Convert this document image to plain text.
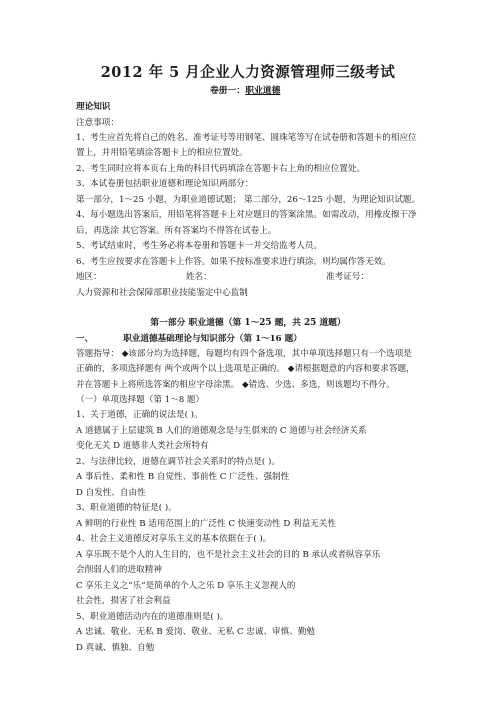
2012 年 5 月企业人力资源管理师三级考试
卷册一：职业道德
理论知识
注意事项：
1、考生应首先将自己的姓名、准考证号等用钢笔、圆珠笔等写在试卷册和答题卡的相应位
置上，并用铅笔填涂答题卡上的相应位置处。
2、考生同时应将本页右上角的科目代码填涂在答题卡右上角的相应位置处。
3、本试卷册包括职业道德和理论知识两部分：
第一部分，1～25 小题，为职业道德试题； 第二部分，26～125 小题，为理论知识试题。
4、每小题选出答案后，用铅笔将答题卡上对应题目的答案涂黑。如需改动，用橡皮擦干净
后，再选涂 其它答案。所有答案均不得答在试卷上。
5、考试结束时，考生务必将本卷册和答题卡一并交给监考人员。
6、考生应按要求在答题卡上作答。如果不按标准要求进行填涂，则均属作答无效。
地区：	姓名：	准考证号：
人力资源和社会保障部职业技能鉴定中心监制
第一部分 职业道德（第 1～25 题，共 25 道题）
一、	职业道德基础理论与知识部分（第 1～16 题）
答题指导： ◆该部分均为选择题，每题均有四个备选项，其中单项选择题只有一个选项是
正确的，多项选择题有 两个或两个以上选项是正确的。 ◆请根据题意的内容和要求答题，
并在答题卡上将所选答案的相应字母涂黑。 ◆错选、少选、多选，则该题均不得分。
（一）单项选择题（第 1～8 题）
1、关于道德，正确的说法是( )。
A 道德属于上层建筑 B 人们的道德观念是与生俱来的 C 道德与社会经济关系
变化无关 D 道德非人类社会所特有
2、与法律比较，道德在调节社会关系时的特点是( )。
A 事后性、柔和性 B 自觉性、事前性 C 广泛性、强制性
D 自发性、自由性
3、职业道德的特征是( )。
A 鲜明的行业性 B 适用范围上的广泛性 C 快速变动性 D 利益无关性
4、社会主义道德反对享乐主义的基本依据在于( )。
A 享乐既不是个人的人生目的，也不是社会主义社会的目的 B 承认或者纵容享乐
会削弱人们的进取精神
C 享乐主义之“乐”是简单的个人之乐 D 享乐主义忽视人的
社会性，损害了社会利益
5、职业道德活动内在的道德准则是( )。
A 忠诚、敬业、无私 B 爱岗、敬业、无私 C 忠诚、审慎、勤勉
D 真诚、慎独、自勉
